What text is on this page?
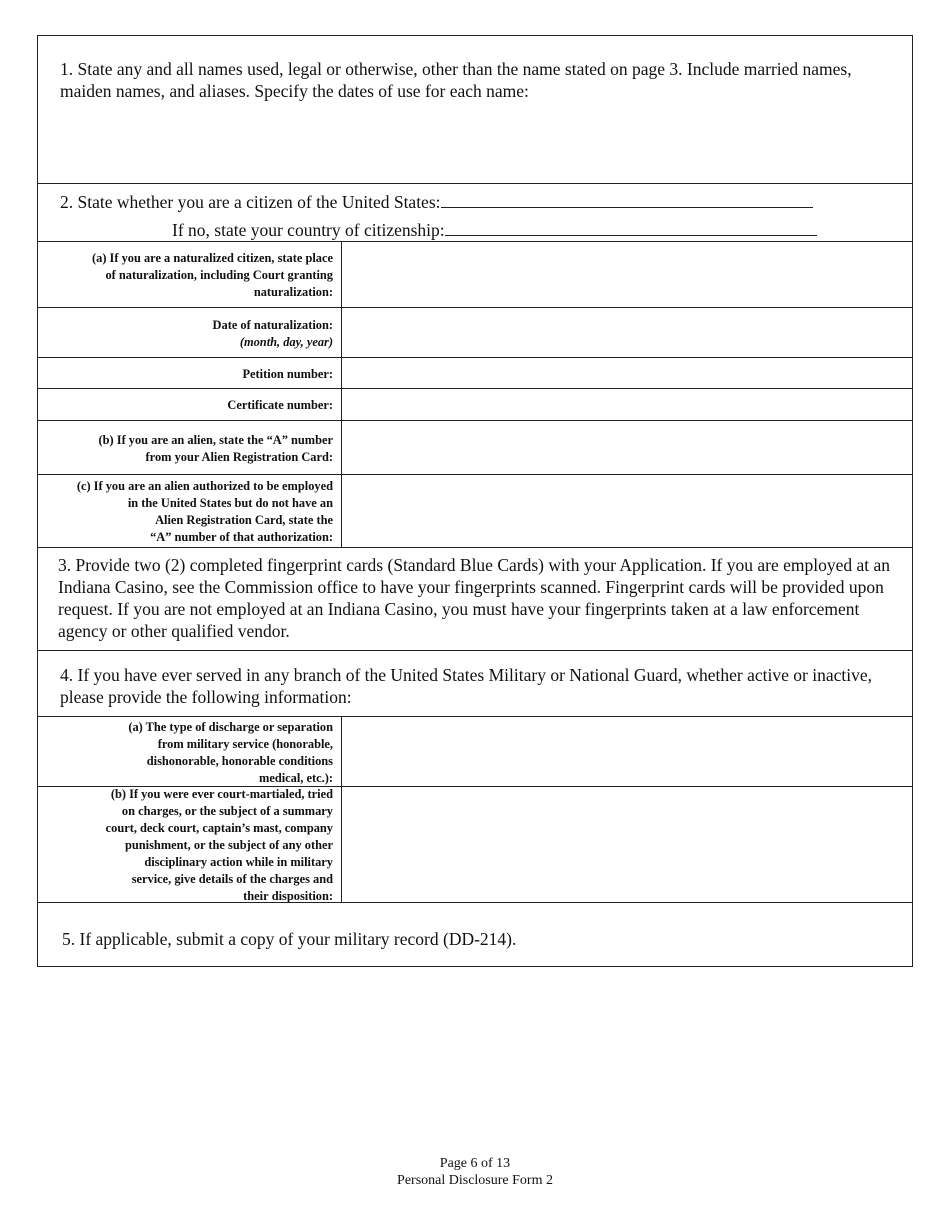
1. State any and all names used, legal or otherwise, other than the name stated on page 3. Include married names, maiden names, and aliases. Specify the dates of use for each name:

2. State whether you are a citizen of the United States:
If no, state your country of citizenship:
(a) If you are a naturalized citizen, state place
of naturalization, including Court granting
naturalization:
Date of naturalization:
(month, day, year)
Petition number:
Certificate number:
(b) If you are an alien, state the “A” number
from your Alien Registration Card:
(c) If you are an alien authorized to be employed
in the United States but do not have an
Alien Registration Card, state the
“A” number of that authorization:

3. Provide two (2) completed fingerprint cards (Standard Blue Cards) with your Application. If you are employed at an Indiana Casino, see the Commission office to have your fingerprints scanned. Fingerprint cards will be provided upon request. If you are not employed at an Indiana Casino, you must have your fingerprints taken at a law enforcement agency or other qualified vendor.

4. If you have ever served in any branch of the United States Military or National Guard, whether active or inactive, please provide the following information:

(a) The type of discharge or separation
from military service (honorable,
dishonorable, honorable conditions
medical, etc.):
(b) If you were ever court-martialed, tried
on charges, or the subject of a summary
court, deck court, captain’s mast, company
punishment, or the subject of any other
disciplinary action while in military
service, give details of the charges and
their disposition:

5. If applicable, submit a copy of your military record (DD-214).

Page 6 of 13
Personal Disclosure Form 2
